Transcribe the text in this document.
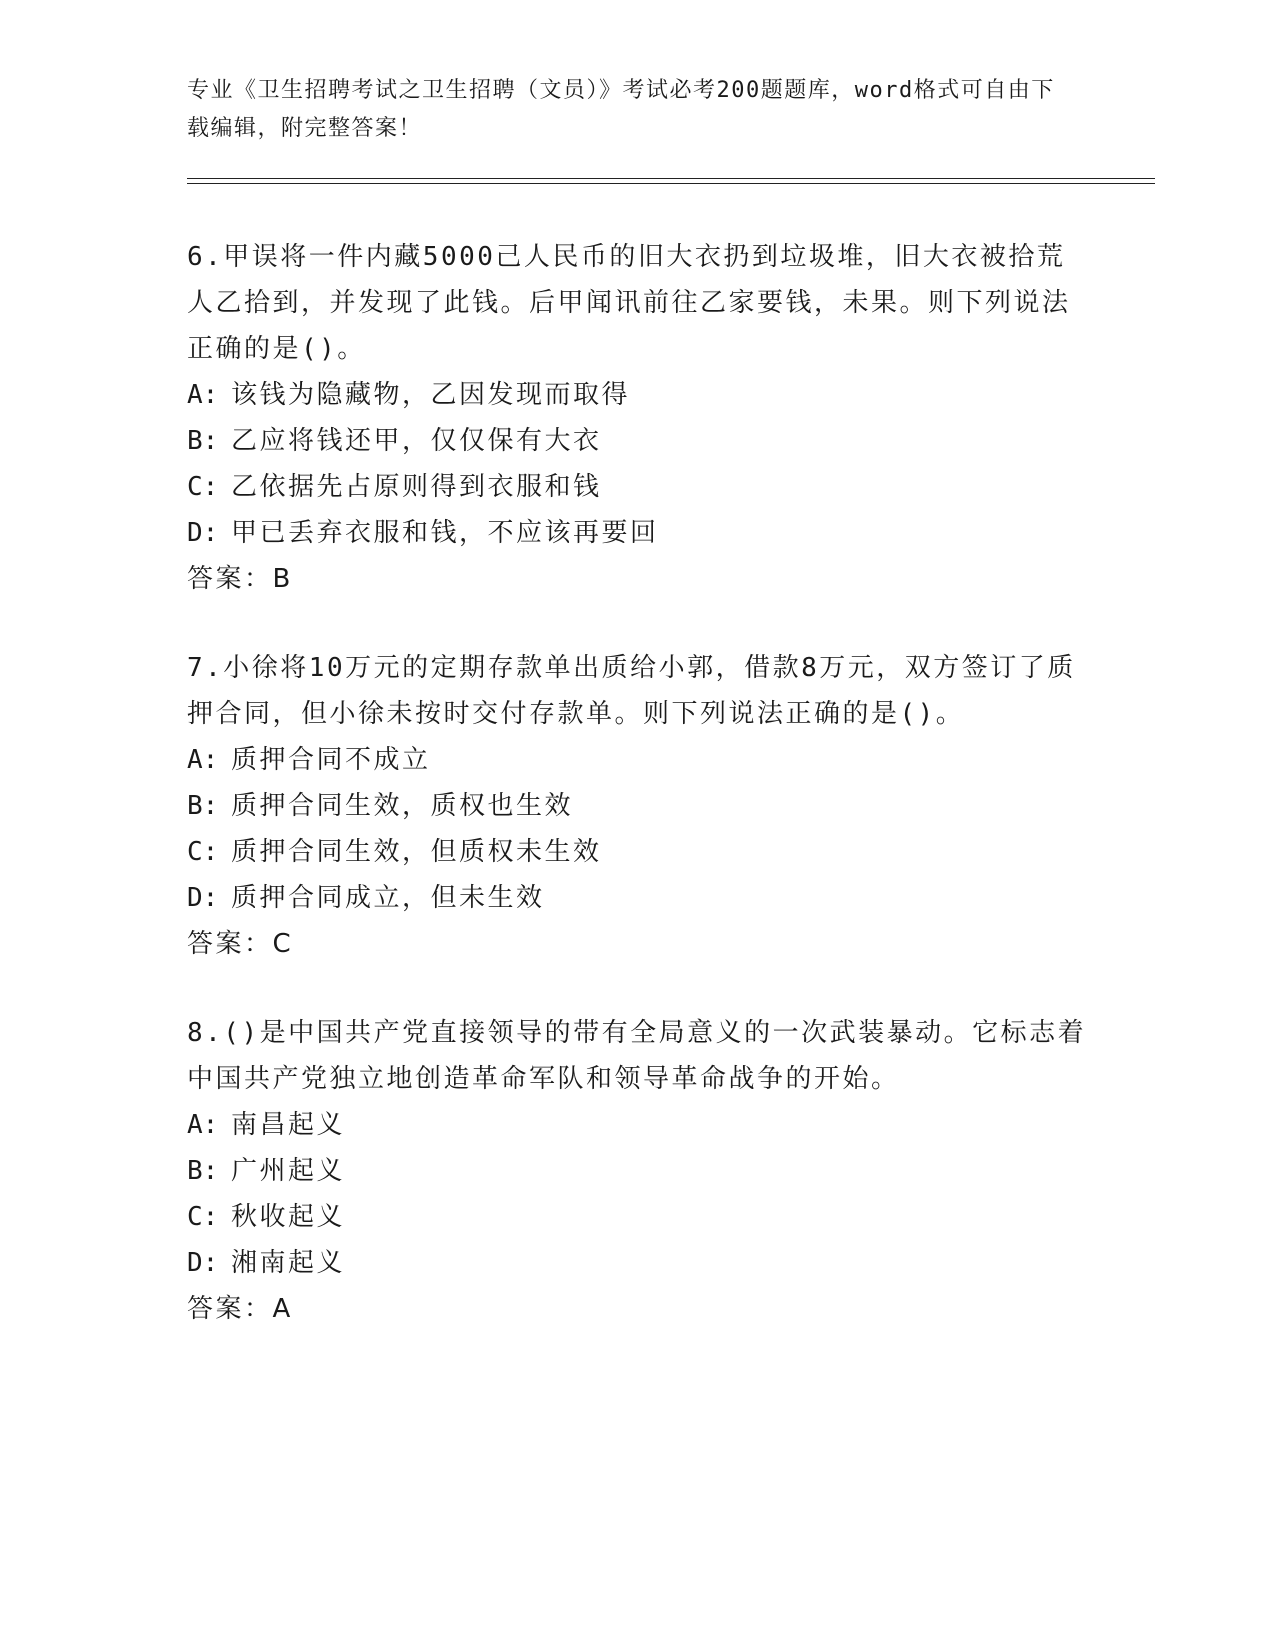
专业《卫生招聘考试之卫生招聘（文员）》考试必考200题题库，word格式可自由下载编辑，附完整答案！

6.甲误将一件内藏5000己人民币的旧大衣扔到垃圾堆，旧大衣被拾荒人乙拾到，并发现了此钱。后甲闻讯前往乙家要钱，未果。则下列说法正确的是()。

A: 该钱为隐藏物，乙因发现而取得

B: 乙应将钱还甲，仅仅保有大衣

C: 乙依据先占原则得到衣服和钱

D: 甲已丢弃衣服和钱，不应该再要回

答案：B

7.小徐将10万元的定期存款单出质给小郭，借款8万元，双方签订了质押合同，但小徐未按时交付存款单。则下列说法正确的是()。

A: 质押合同不成立

B: 质押合同生效，质权也生效

C: 质押合同生效，但质权未生效

D: 质押合同成立，但未生效

答案：C

8.()是中国共产党直接领导的带有全局意义的一次武装暴动。它标志着中国共产党独立地创造革命军队和领导革命战争的开始。

A: 南昌起义

B: 广州起义

C: 秋收起义

D: 湘南起义

答案：A
